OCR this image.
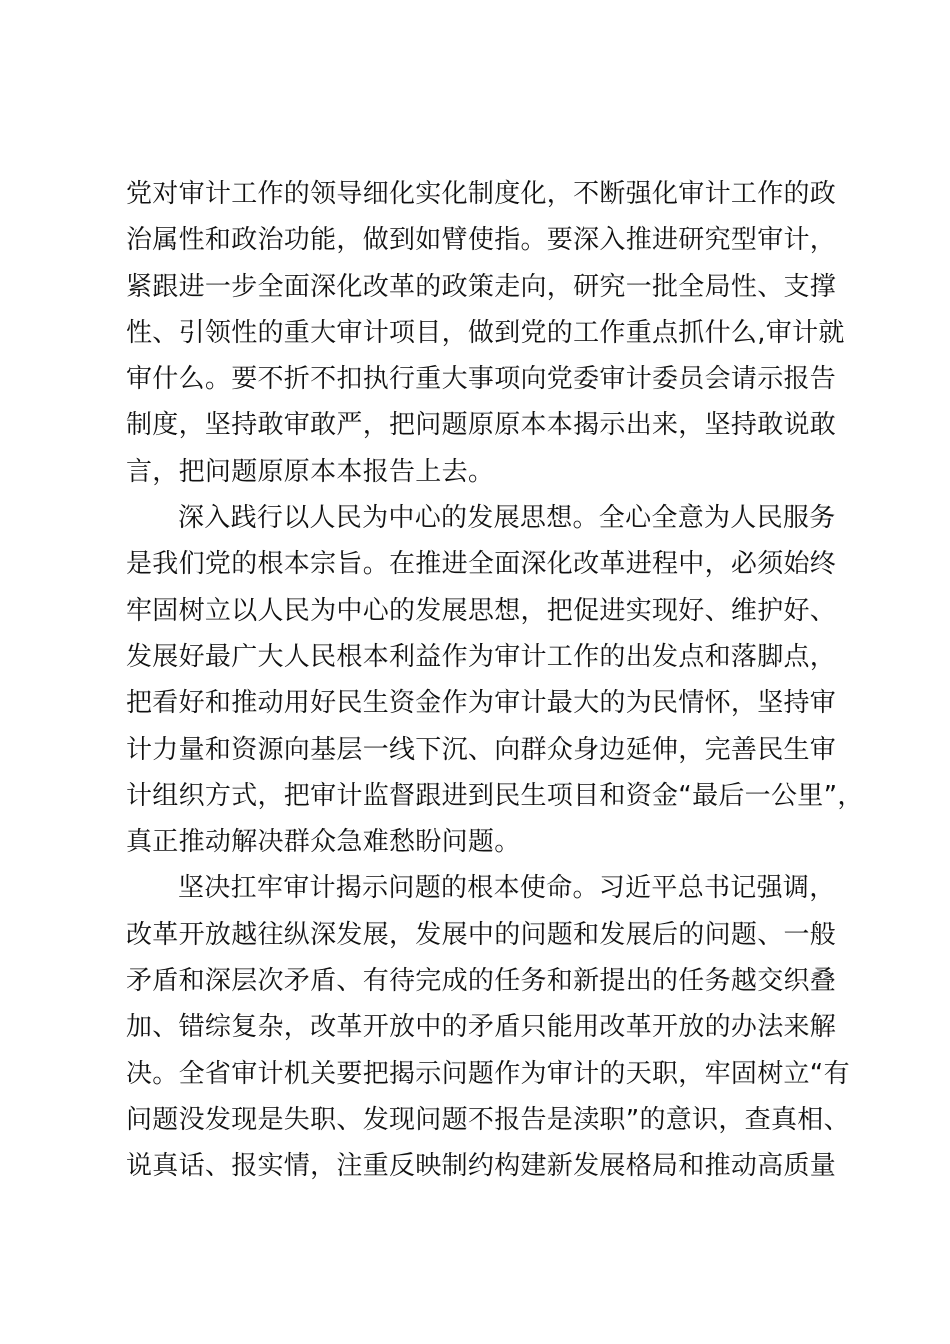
党对审计工作的领导细化实化制度化，不断强化审计工作的政
治属性和政治功能，做到如臂使指。要深入推进研究型审计，
紧跟进一步全面深化改革的政策走向，研究一批全局性、支撑
性、引领性的重大审计项目，做到党的工作重点抓什么,审计就
审什么。要不折不扣执行重大事项向党委审计委员会请示报告
制度，坚持敢审敢严，把问题原原本本揭示出来，坚持敢说敢
言，把问题原原本本报告上去。
深入践行以人民为中心的发展思想。全心全意为人民服务
是我们党的根本宗旨。在推进全面深化改革进程中，必须始终
牢固树立以人民为中心的发展思想，把促进实现好、维护好、
发展好最广大人民根本利益作为审计工作的出发点和落脚点，
把看好和推动用好民生资金作为审计最大的为民情怀，坚持审
计力量和资源向基层一线下沉、向群众身边延伸，完善民生审
计组织方式，把审计监督跟进到民生项目和资金“最后一公里”，
真正推动解决群众急难愁盼问题。
坚决扛牢审计揭示问题的根本使命。习近平总书记强调，
改革开放越往纵深发展，发展中的问题和发展后的问题、一般
矛盾和深层次矛盾、有待完成的任务和新提出的任务越交织叠
加、错综复杂，改革开放中的矛盾只能用改革开放的办法来解
决。全省审计机关要把揭示问题作为审计的天职，牢固树立“有
问题没发现是失职、发现问题不报告是渎职”的意识，查真相、
说真话、报实情，注重反映制约构建新发展格局和推动高质量
